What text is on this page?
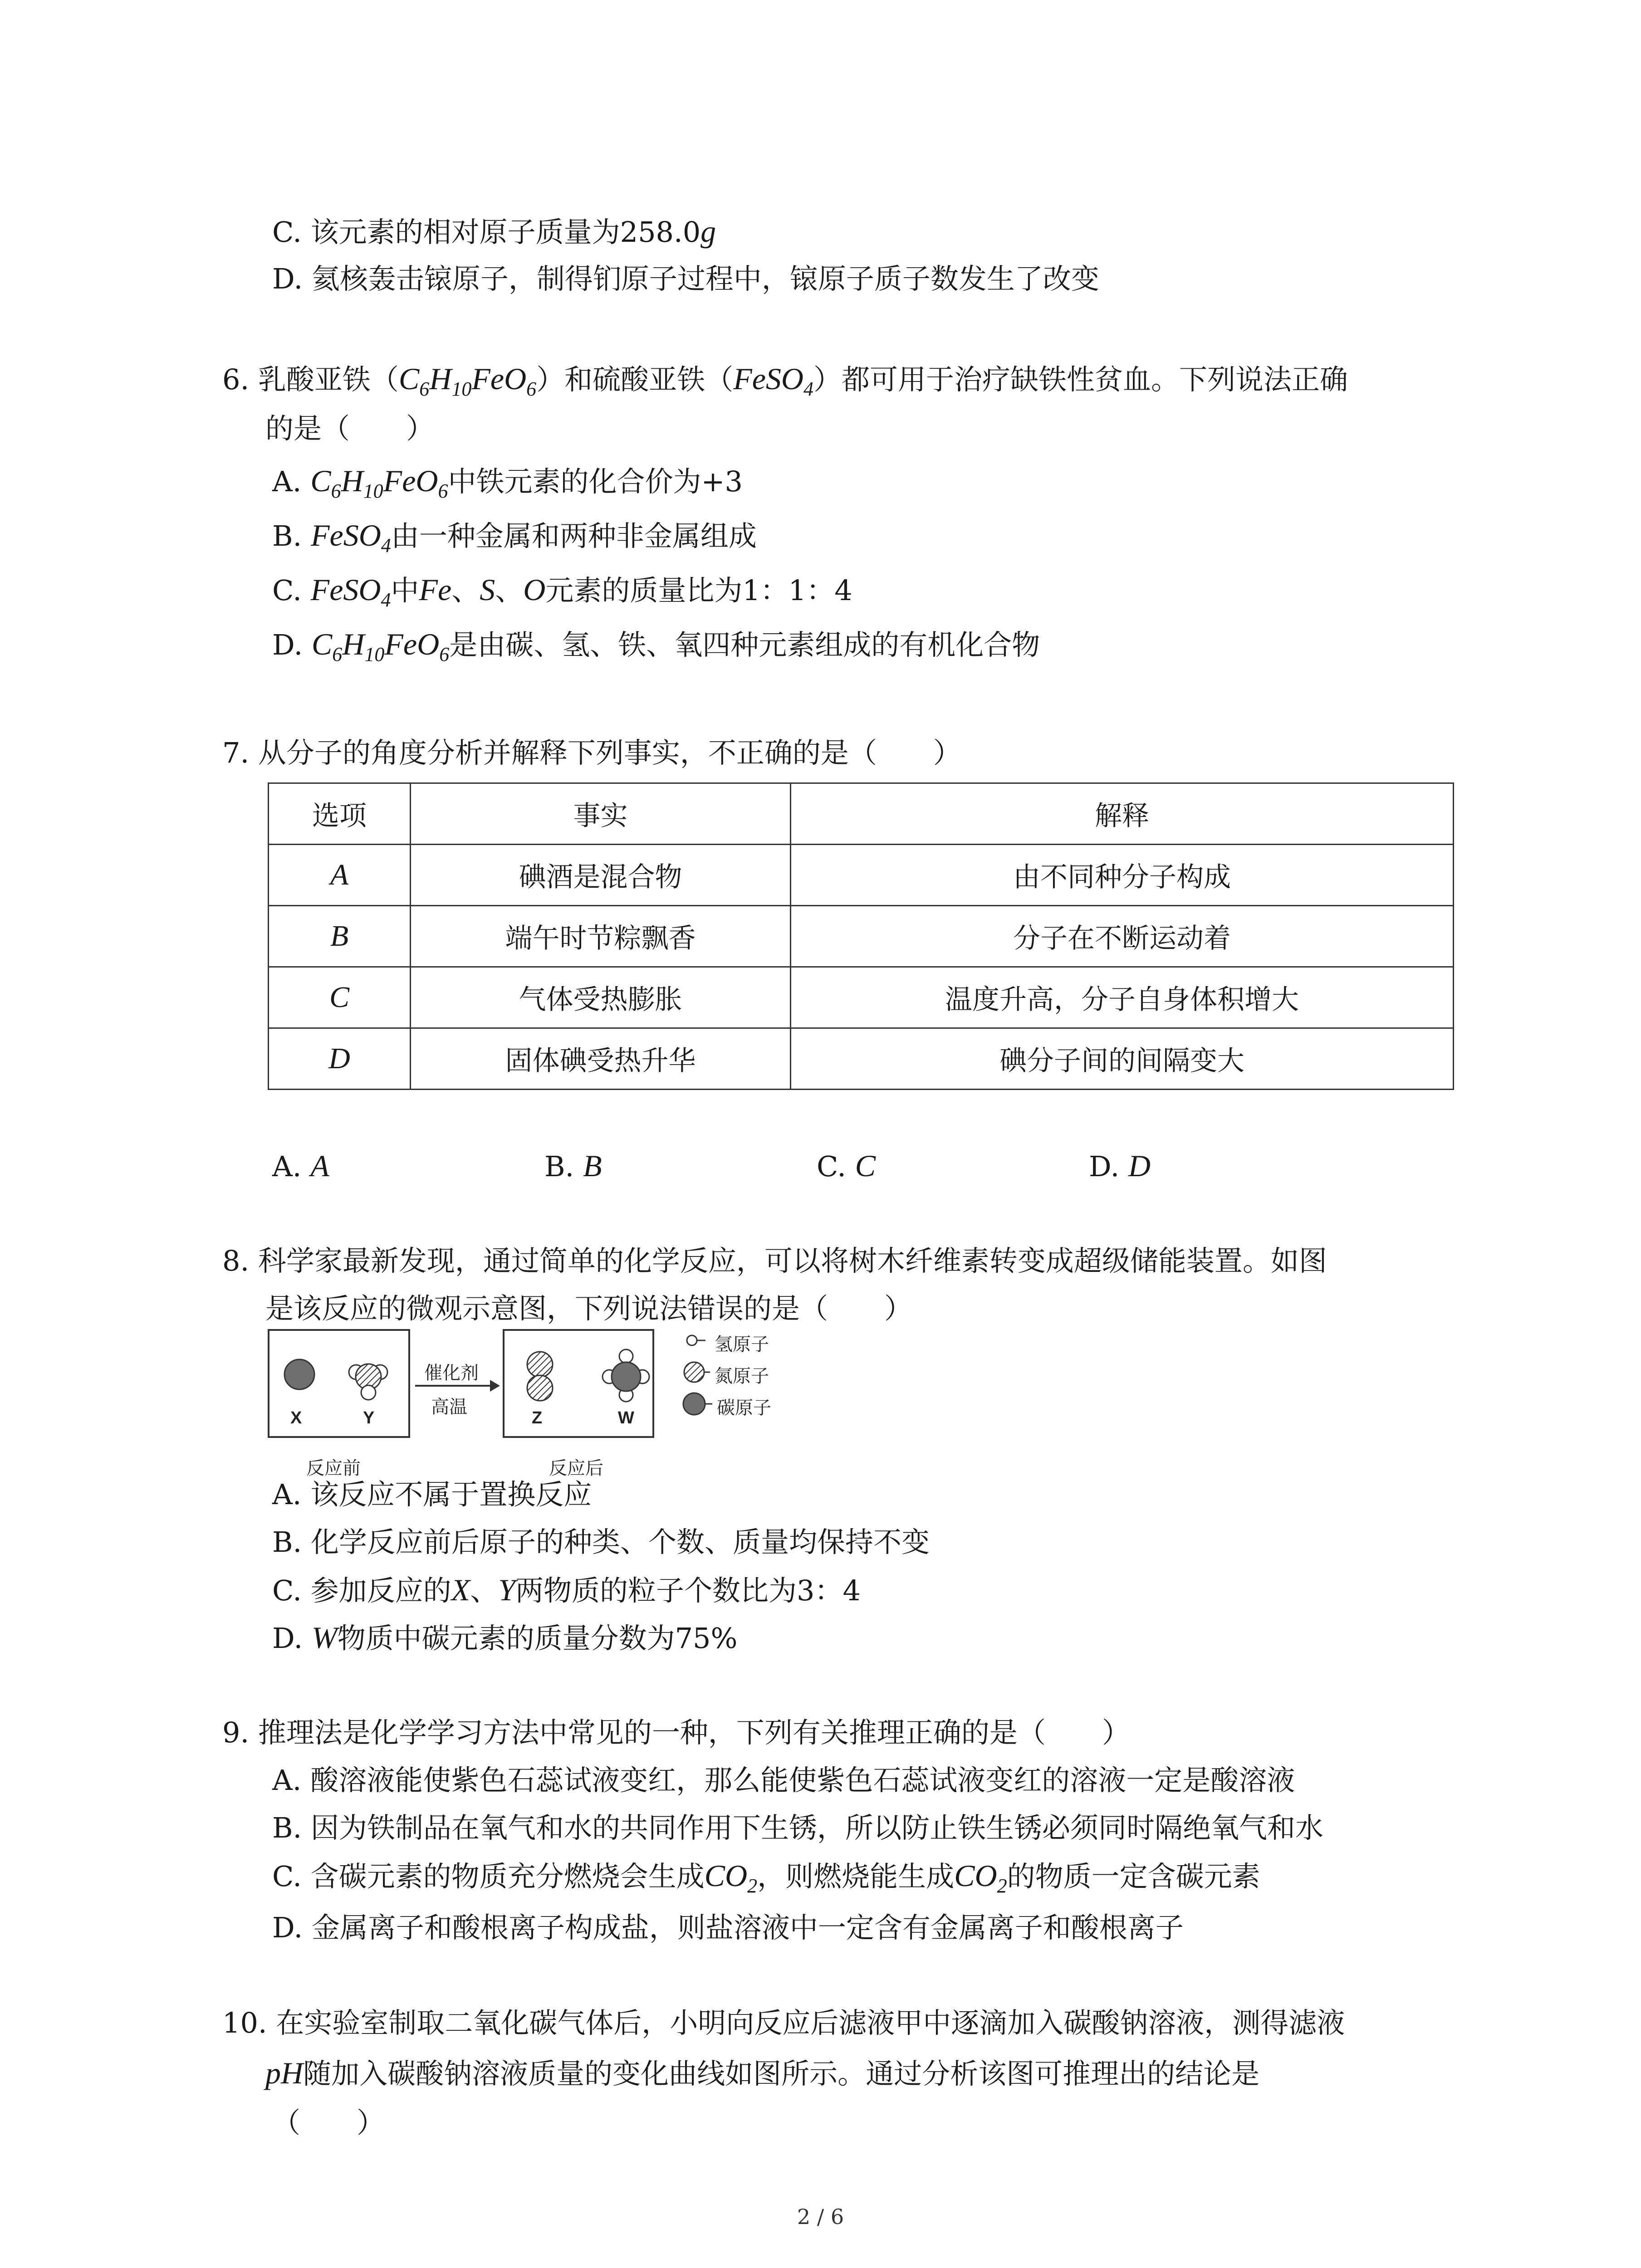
C. 该元素的相对原子质量为258.0g
D. 氦核轰击锿原子，制得钔原子过程中，锿原子质子数发生了改变
6. 乳酸亚铁$(C_6H_{10}FeO_6)$和硫酸亚铁（FeSO$_4$）都可用于治疗缺铁性贫血。下列说法正确
的是（　　）
A. $C_6H_{10}FeO_6$中铁元素的化合价为+3
B. FeSO$_4$由一种金属和两种非金属组成
C. FeSO$_4$中Fe、S、O元素的质量比为1：1：4
D. $C_6H_{10}FeO_6$是由碳、氢、铁、氧四种元素组成的有机化合物
7. 从分子的角度分析并解释下列事实，不正确的是（　　）
选项	事实	解释
A	碘酒是混合物	由不同种分子构成
B	端午时节粽飘香	分子在不断运动着
C	气体受热膨胀	温度升高，分子自身体积增大
D	固体碘受热升华	碘分子间的间隔变大
A. A	B. B	C. C	D. D
8. 科学家最新发现，通过简单的化学反应，可以将树木纤维素转变成超级储能装置。如图
是该反应的微观示意图，下列说法错误的是（　　）
X	Y	Z	W
催化剂
高温
反应前	反应后
氢原子
氮原子
碳原子
A. 该反应不属于置换反应
B. 化学反应前后原子的种类、个数、质量均保持不变
C. 参加反应的X、Y两物质的粒子个数比为3：4
D. W物质中碳元素的质量分数为75%
9. 推理法是化学学习方法中常见的一种，下列有关推理正确的是（　　）
A. 酸溶液能使紫色石蕊试液变红，那么能使紫色石蕊试液变红的溶液一定是酸溶液
B. 因为铁制品在氧气和水的共同作用下生锈，所以防止铁生锈必须同时隔绝氧气和水
C. 含碳元素的物质充分燃烧会生成$CO_2$，则燃烧能生成$CO_2$的物质一定含碳元素
D. 金属离子和酸根离子构成盐，则盐溶液中一定含有金属离子和酸根离子
10. 在实验室制取二氧化碳气体后，小明向反应后滤液甲中逐滴加入碳酸钠溶液，测得滤液
pH随加入碳酸钠溶液质量的变化曲线如图所示。通过分析该图可推理出的结论是
（　　）
2 / 6
